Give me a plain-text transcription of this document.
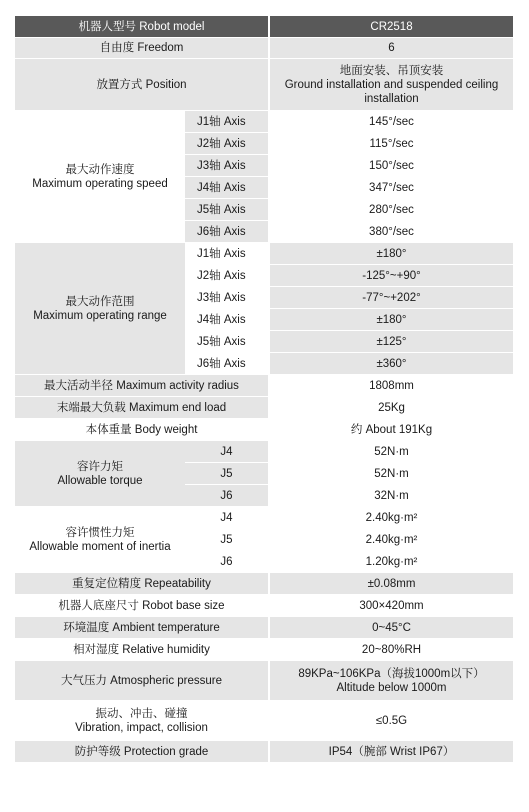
机器人型号 Robot model		CR2518
自由度 Freedom		6
放置方式 Position		地面安装、吊顶安装
Ground installation and suspended ceiling installation

最大动作速度
Maximum operating speed	J1轴 Axis	145°/sec
	J2轴 Axis	115°/sec
	J3轴 Axis	150°/sec
	J4轴 Axis	347°/sec
	J5轴 Axis	280°/sec
	J6轴 Axis	380°/sec

最大动作范围
Maximum operating range	J1轴 Axis	±180°
	J2轴 Axis	-125°~+90°
	J3轴 Axis	-77°~+202°
	J4轴 Axis	±180°
	J5轴 Axis	±125°
	J6轴 Axis	±360°
最大活动半径 Maximum activity radius		1808mm
末端最大负载 Maximum end load		25Kg
本体重量 Body weight		约 About 191Kg

容许力矩
Allowable torque	J4	52N·m
	J5	52N·m
	J6	32N·m

容许惯性力矩
Allowable moment of inertia	J4	2.40kg·m²
	J5	2.40kg·m²
	J6	1.20kg·m²
重复定位精度 Repeatability		±0.08mm
机器人底座尺寸 Robot base size		300×420mm
环境温度 Ambient temperature		0~45°C
相对湿度 Relative humidity		20~80%RH
大气压力 Atmospheric pressure		89KPa~106KPa（海拔1000m以下）
Altitude below 1000m

振动、冲击、碰撞
Vibration, impact, collision		≤0.5G
防护等级 Protection grade		IP54（腕部 Wrist IP67）
